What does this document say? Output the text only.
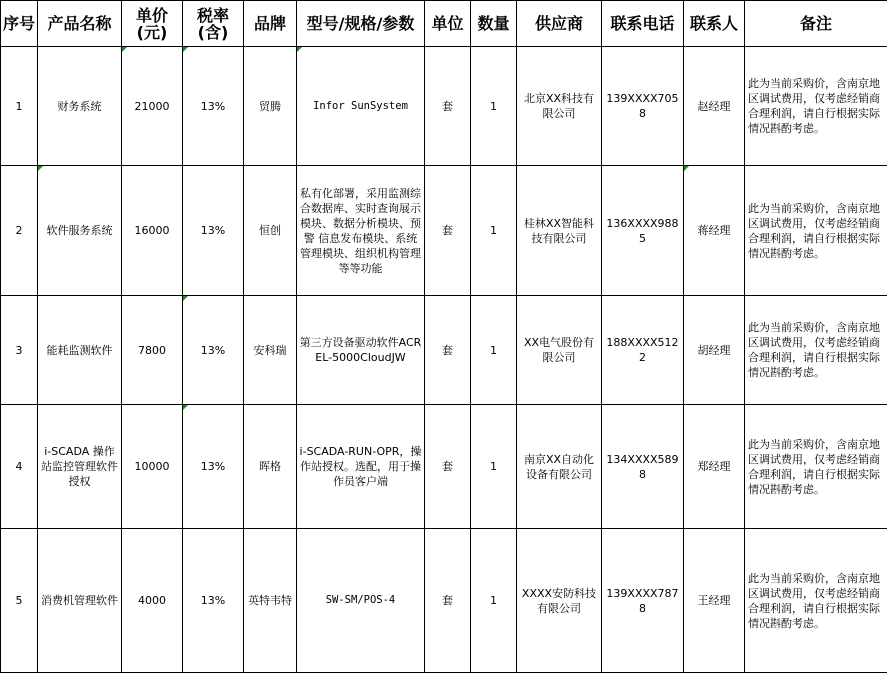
序号	产品名称	单价(元)	税率(含)	品牌	型号/规格/参数	单位	数量	供应商	联系电话	联系人	备注
1	财务系统	21000	13%	贸腾	Infor SunSystem	套	1	北京XX科技有限公司	139XXXX7058	赵经理	此为当前采购价，含南京地区调试费用，仅考虑经销商合理利润，请自行根据实际情况斟酌考虑。
2	软件服务系统	16000	13%	恒创	私有化部署，采用监测综合数据库、实时查询展示模块、数据分析模块、预警 信息发布模块、系统管理模块、组织机构管理等等功能	套	1	桂林XX智能科技有限公司	136XXXX9885	蒋经理	此为当前采购价，含南京地区调试费用，仅考虑经销商合理利润，请自行根据实际情况斟酌考虑。
3	能耗监测软件	7800	13%	安科瑞	第三方设备驱动软件ACREL-5000CloudJW	套	1	XX电气股份有限公司	188XXXX5122	胡经理	此为当前采购价，含南京地区调试费用，仅考虑经销商合理利润，请自行根据实际情况斟酌考虑。
4	i-SCADA 操作站监控管理软件授权	10000	13%	晖格	i-SCADA-RUN-OPR，操作站授权。选配，用于操作员客户端	套	1	南京XX自动化设备有限公司	134XXXX5898	郑经理	此为当前采购价，含南京地区调试费用，仅考虑经销商合理利润，请自行根据实际情况斟酌考虑。
5	消费机管理软件	4000	13%	英特韦特	SW-SM/POS-4	套	1	XXXX安防科技有限公司	139XXXX7878	王经理	此为当前采购价，含南京地区调试费用，仅考虑经销商合理利润，请自行根据实际情况斟酌考虑。
